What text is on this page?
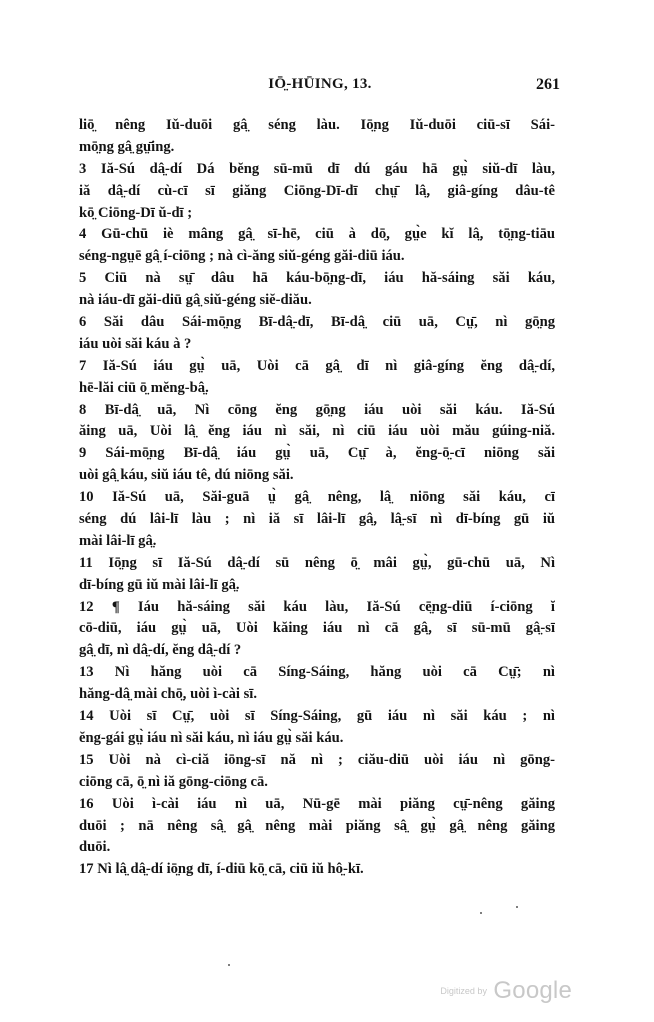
IŌ̤-HŪING, 13.	261
liō̤ nêng Iǔ-duōi gâ̤ séng làu. Iō̤ng Iǔ-duōi ciū-sī Sái-
mō̤ng gâ̤ gṳ̄ing.
3 Iă-Sú dâ̤-dí Dá bĕng sū-mū dī dú gáu hā gṳ̀ siŭ-dī làu,
iă dâ̤-dí cù-cī sī giăng Ciōng-Dī-dī chṳ̄ lâ̤, giâ-gíng dâu-tê
kō̤ Ciōng-Dī ŭ-dī ;
4 Gū-chū iè mâng gâ̤ sī-hē, ciū à dō̤, gṳ̀e kĭ lâ̤, tō̤ng-tiāu
séng-ngṳē gâ̤ í-ciōng ; nà cì-ăng siŭ-géng găi-diū iáu.
5 Ciū nà sṳ̄ dâu hā káu-bō̤ng-dī, iáu hă-sáing săi káu,
nà iáu-dī găi-diū gâ̤ siŭ-géng siĕ-diău.
6 Săi dâu Sái-mō̤ng Bī-dâ̤-dī, Bī-dâ̤ ciū uā, Cṳ̄, nì gō̤ng
iáu uòi săi káu à ?
7 Iă-Sú iáu gṳ̀ uā, Uòi cā gâ̤ dī nì giâ-gíng ĕng dâ̤-dí,
hē-lăi ciū ō̤ mĕng-bâ̤.
8 Bī-dâ̤ uā, Nì cōng ĕng gō̤ng iáu uòi săi káu. Iă-Sú
ăing uā, Uòi lâ̤ ĕng iáu nì săi, nì ciū iáu uòi mău gúing-niă.
9 Sái-mō̤ng Bī-dâ̤ iáu gṳ̀ uā, Cṳ̄ à, ĕng-ō̤-cī niōng săi
uòi gâ̤ káu, siŭ iáu tê, dú niōng săi.
10 Iă-Sú uā, Săi-guā ṳ̀ gâ̤ nêng, lâ̤ niōng săi káu, cī
séng dú lâi-lī làu ; nì iă sī lâi-lī gâ̤, lâ̤-sī nì dī-bíng gū iŭ
mài lâi-lī gâ̤.
11 Iō̤ng sī Iă-Sú dâ̤-dí sū nêng ō̤ mâi gṳ̀, gū-chū uā, Nì
dī-bíng gū iŭ mài lâi-lī gâ̤.
12 ¶ Iáu hă-sáing săi káu làu, Iă-Sú cē̤ng-diū í-ciōng ĭ
cō-diū, iáu gṳ̀ uā, Uòi kăing iáu nì cā gâ̤, sī sū-mū gâ̤-sī
gâ̤ dī, nì dâ̤-dí, ĕng dâ̤-dí ?
13 Nì hăng uòi cā Síng-Sáing, hăng uòi cā Cṳ̄; nì
hăng-dâ̤ mài chō̤, uòi ì-cài sī.
14 Uòi sī Cṳ̄, uòi sī Síng-Sáing, gū iáu nì săi káu ; nì
ĕng-gái gṳ̀ iáu nì săi káu, nì iáu gṳ̀ săi káu.
15 Uòi nà cì-ciă iōng-sī nă nì ; ciău-diū uòi iáu nì gōng-
ciōng cā, ō̤ nì iă gōng-ciōng cā.
16 Uòi ì-cài iáu nì uā, Nū-gē mài piăng cṳ̄-nêng găing
duōi ; nā nêng sâ̤ gâ̤ nêng mài piăng sâ̤ gṳ̀ gâ̤ nêng găing
duōi.
17 Nì lâ̤ dâ̤-dí iō̤ng dī, í-diū kō̤ cā, ciū iŭ hô̤-kī.
Digitized by Google
